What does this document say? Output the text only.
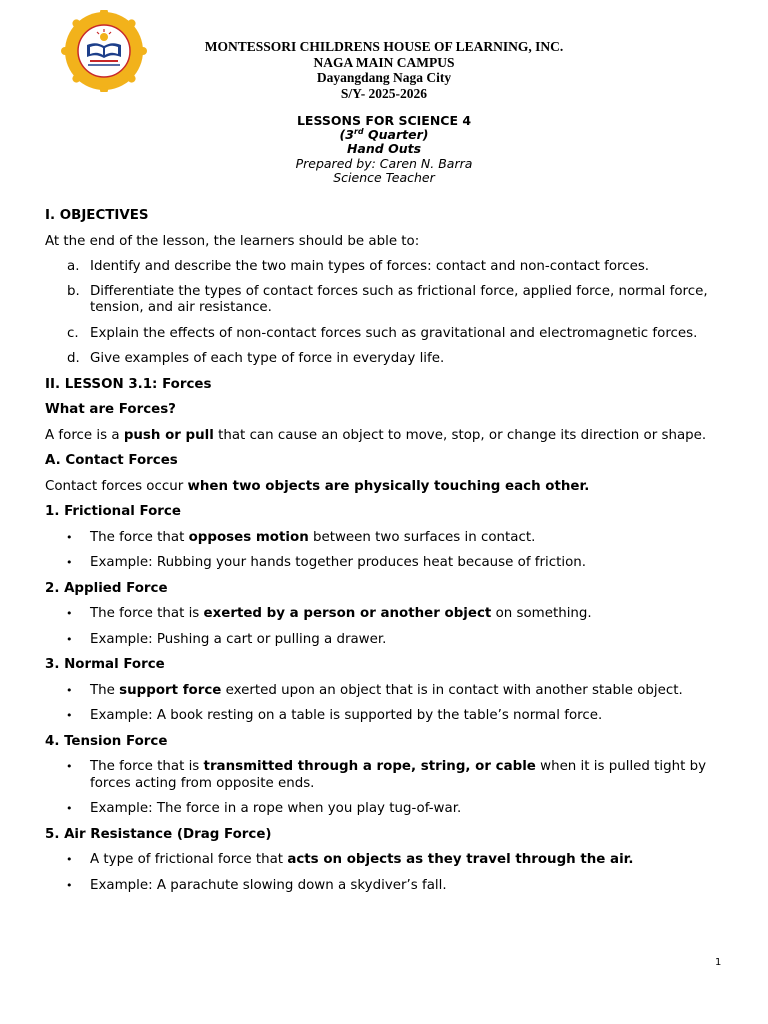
MONTESSORI CHILDRENS HOUSE OF LEARNING, INC.
NAGA MAIN CAMPUS
Dayangdang Naga City
S/Y- 2025-2026
LESSONS FOR SCIENCE 4
(3rd Quarter)
Hand Outs
Prepared by: Caren N. Barra
Science Teacher

I. OBJECTIVES

At the end of the lesson, the learners should be able to:

a. Identify and describe the two main types of forces: contact and non-contact forces.
b. Differentiate the types of contact forces such as frictional force, applied force, normal force, tension, and air resistance.
c. Explain the effects of non-contact forces such as gravitational and electromagnetic forces.
d. Give examples of each type of force in everyday life.

II. LESSON 3.1: Forces

What are Forces?

A force is a push or pull that can cause an object to move, stop, or change its direction or shape.

A. Contact Forces

Contact forces occur when two objects are physically touching each other.

1. Frictional Force

• The force that opposes motion between two surfaces in contact.
• Example: Rubbing your hands together produces heat because of friction.

2. Applied Force

• The force that is exerted by a person or another object on something.
• Example: Pushing a cart or pulling a drawer.

3. Normal Force

• The support force exerted upon an object that is in contact with another stable object.
• Example: A book resting on a table is supported by the table’s normal force.

4. Tension Force

• The force that is transmitted through a rope, string, or cable when it is pulled tight by forces acting from opposite ends.
• Example: The force in a rope when you play tug-of-war.

5. Air Resistance (Drag Force)

• A type of frictional force that acts on objects as they travel through the air.
• Example: A parachute slowing down a skydiver’s fall.
1
